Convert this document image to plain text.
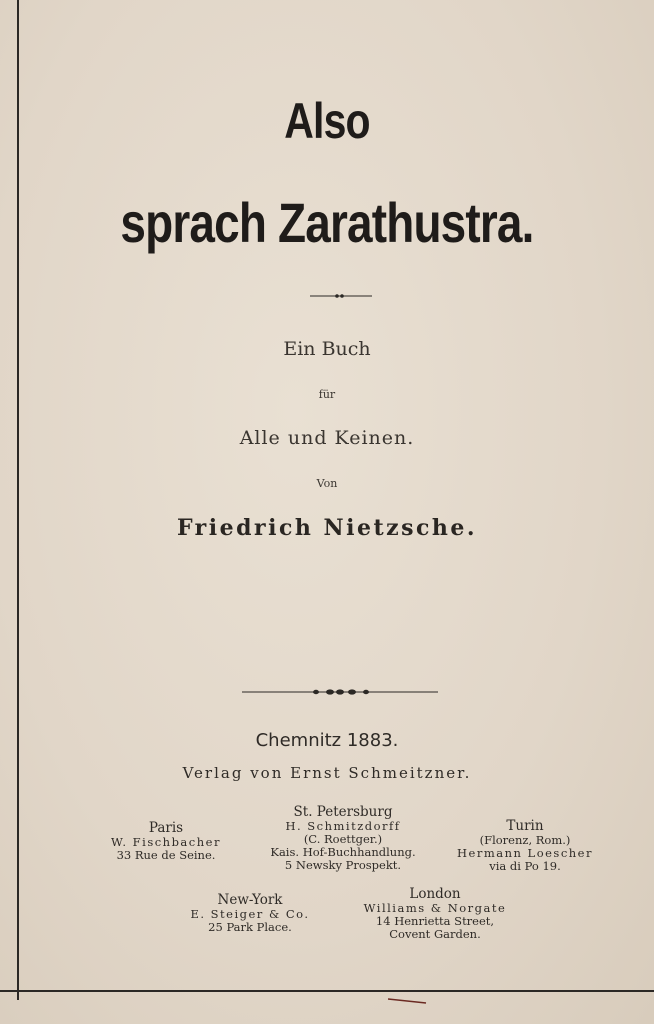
Also
sprach Zarathustra.
Ein Buch
für
Alle und Keinen.
Von
Friedrich Nietzsche.
Chemnitz 1883.
Verlag von Ernst Schmeitzner.
Paris
W. Fischbacher
33 Rue de Seine.
St. Petersburg
H. Schmitzdorff
(C. Roettger.)
Kais. Hof-Buchhandlung.
5 Newsky Prospekt.
Turin
(Florenz, Rom.)
Hermann Loescher
via di Po 19.
New-York
E. Steiger & Co.
25 Park Place.
London
Williams & Norgate
14 Henrietta Street,
Covent Garden.
